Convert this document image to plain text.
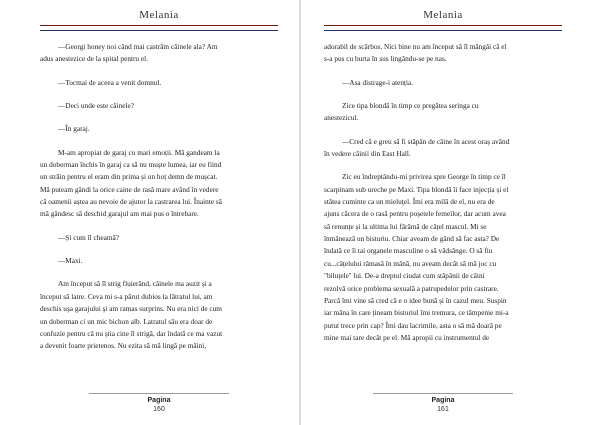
Melania

—Georgi honey noi când mai castrăm câinele ala? Am

adus anestezice de la spital pentru el.

—Tocmai de aceea a venit domnul.

—Deci unde este câinele?

—În garaj.

M-am apropiat de garaj cu mari emoții. Mă gandeam la

un doberman închis în garaj ca să nu muște lumea, iar eu fiind

un străin pentru el eram din prima și un hoț demn de mușcat.

Mă puteam gândi la orice caine de rasă mare având în vedere

că oamenii aștea au nevoie de ajutor la castrarea lui. Înainte să

mă gândesc să deschid garajul am mai pus o întrebare.

—Și cum îl cheamă?

—Maxi.

Am început să îl strig fluierând, câinele ma auzit și a

început să latre. Ceva mi s-a părut dubios la lătratul lui, am

deschis uşa garajului şi am ramas surprins. Nu era nici de cum

un doberman ci un mic bichon alb. Latratul său era doar de

confuzie pentru că nu știa cine îl strigă, dar îndată ce ma vazut

a devenit foarte prietenos. Nu ezita să mă lingă pe mâini,

Pagina
160
Melania

adorabil de scârbos. Nici bine nu am început să îl mângăi că el

s-a pus cu burta în sus lingându-se pe nas.

—Asa distrage-i atenția.

Zice tipa blondă în timp ce pregătea seringa cu

anestezicul.

—Cred că e greu să fi stăpân de câine în acest oraș având

în vedere câinii din East Hall.

Zic eu îndreptându-mi privirea spre George în timp ce îl

scarpinam sub ureche pe Maxi. Tipa blondă îi face injecția și el

stătea cuminte ca un mieluţel. Îmi era milă de el, nu era de

ajuns căcera de o rasă pentru poșetele femeilor, dar acum avea

să renunțe și la ultima lui fărâmă de câțel mascul. Mi se

înmânează un bisturiu. Chiar aveam de gând să fac asta? De

îndată ce îi tai organele masculine o să vădsânge. O să fiu

cu...cățelului rămasă în mână, nu aveam decât să mă joc cu

"biluțele'' lui. De-a dreptul ciudat cum stăpânii de câini

rezolvă orice problema sexuală a patrupedelor prin castrare.

Parcă îmi vine să cred că e o idee bună și în cazul meu. Suspin

iar mâna în care țineam bisturiul îmi tremura, ce tâmpenie mi-a

putut trece prin cap? Îmi dau lacrimile, asta o să mă doară pe

mine mai tare decât pe el. Mă apropii cu instrumentul de

Pagina
161
